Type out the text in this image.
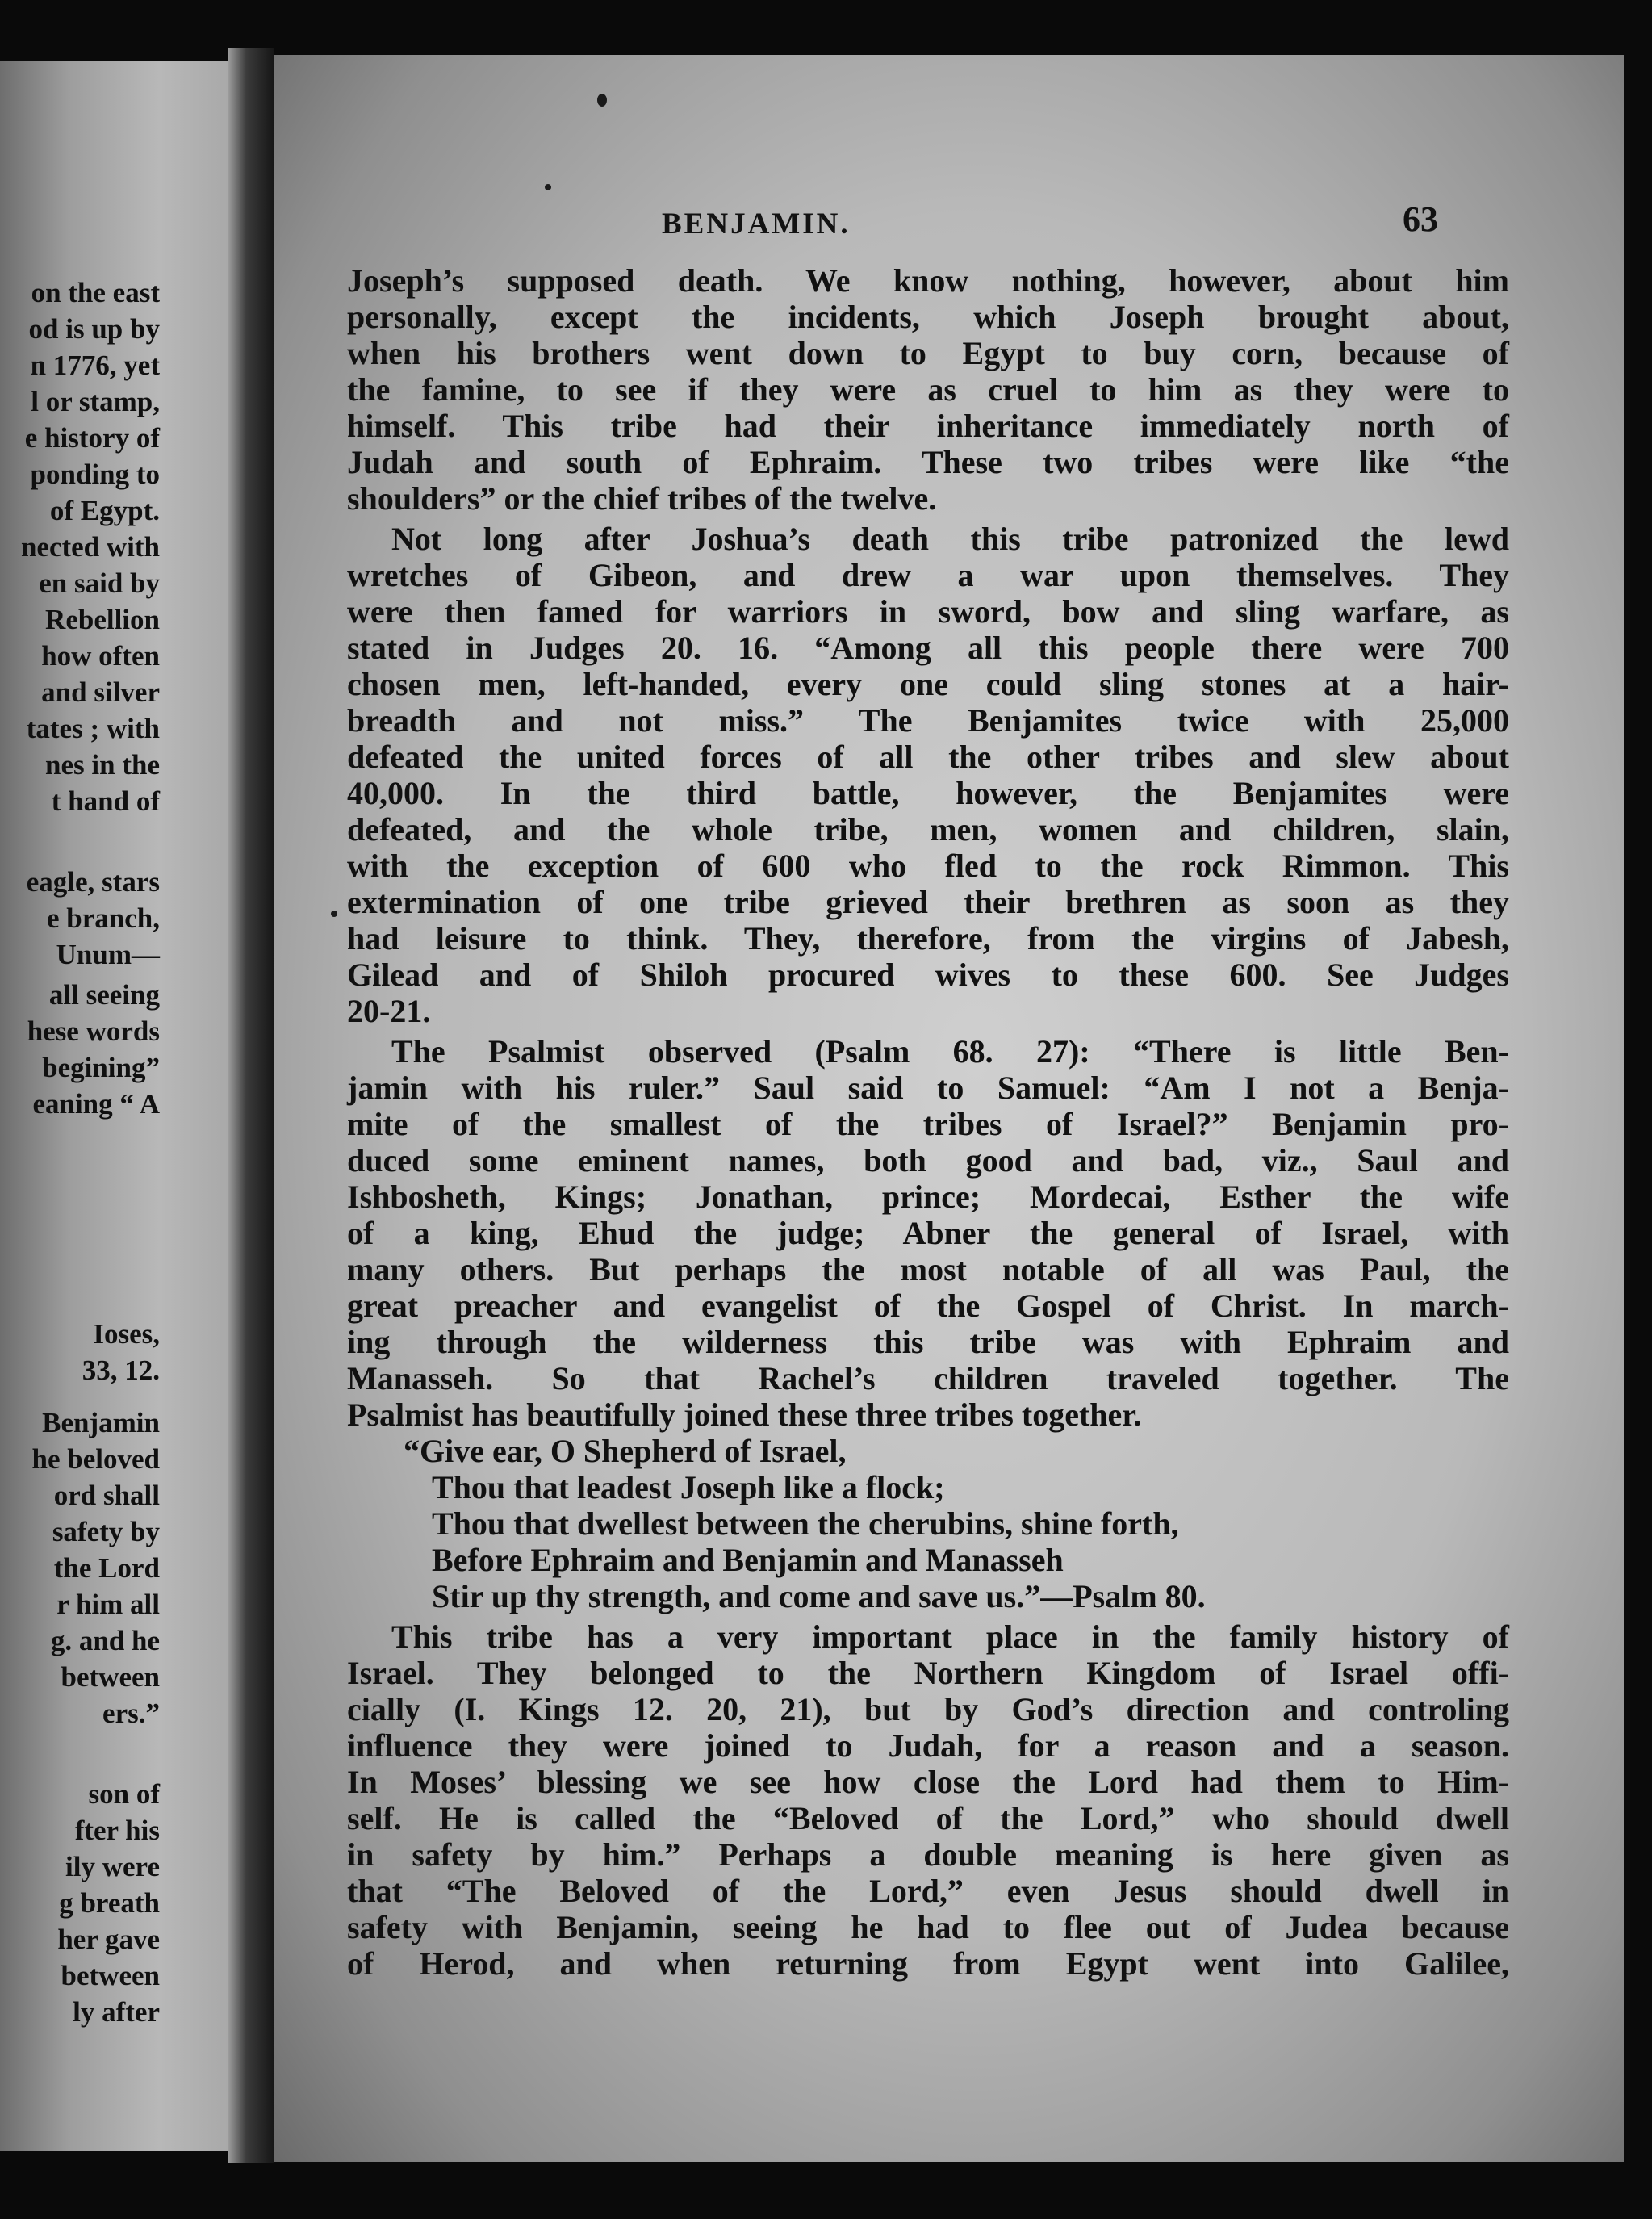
on the east
od is up by
n 1776, yet
l or stamp,
e history of
ponding to
of Egypt.
nected with
en said by
Rebellion
how often
and silver
tates ; with
nes in the
t hand of
eagle, stars
e branch,
Unum—
all seeing
hese words
begining”
eaning “ A
Ioses,
33, 12.
Benjamin
he beloved
ord shall
safety by
the Lord
r him all
g. and he
between
ers.”
son of
fter his
ily were
g breath
her gave
between
ly after
BENJAMIN.	63
Joseph’s supposed death. We know nothing, however, about him
personally, except the incidents, which Joseph brought about,
when his brothers went down to Egypt to buy corn, because of
the famine, to see if they were as cruel to him as they were to
himself. This tribe had their inheritance immediately north of
Judah and south of Ephraim. These two tribes were like “the
shoulders” or the chief tribes of the twelve.
Not long after Joshua’s death this tribe patronized the lewd
wretches of Gibeon, and drew a war upon themselves. They
were then famed for warriors in sword, bow and sling warfare, as
stated in Judges 20. 16. “Among all this people there were 700
chosen men, left-handed, every one could sling stones at a hair-
breadth and not miss.” The Benjamites twice with 25,000
defeated the united forces of all the other tribes and slew about
40,000. In the third battle, however, the Benjamites were
defeated, and the whole tribe, men, women and children, slain,
with the exception of 600 who fled to the rock Rimmon. This
extermination of one tribe grieved their brethren as soon as they
had leisure to think. They, therefore, from the virgins of Jabesh,
Gilead and of Shiloh procured wives to these 600. See Judges
20-21.
The Psalmist observed (Psalm 68. 27): “There is little Ben-
jamin with his ruler.” Saul said to Samuel: “Am I not a Benja-
mite of the smallest of the tribes of Israel?” Benjamin pro-
duced some eminent names, both good and bad, viz., Saul and
Ishbosheth, Kings; Jonathan, prince; Mordecai, Esther the wife
of a king, Ehud the judge; Abner the general of Israel, with
many others. But perhaps the most notable of all was Paul, the
great preacher and evangelist of the Gospel of Christ. In march-
ing through the wilderness this tribe was with Ephraim and
Manasseh. So that Rachel’s children traveled together. The
Psalmist has beautifully joined these three tribes together.
“Give ear, O Shepherd of Israel,
Thou that leadest Joseph like a flock;
Thou that dwellest between the cherubins, shine forth,
Before Ephraim and Benjamin and Manasseh
Stir up thy strength, and come and save us.”—Psalm 80.
This tribe has a very important place in the family history of
Israel. They belonged to the Northern Kingdom of Israel offi-
cially (I. Kings 12. 20, 21), but by God’s direction and controling
influence they were joined to Judah, for a reason and a season.
In Moses’ blessing we see how close the Lord had them to Him-
self. He is called the “Beloved of the Lord,” who should dwell
in safety by him.” Perhaps a double meaning is here given as
that “The Beloved of the Lord,” even Jesus should dwell in
safety with Benjamin, seeing he had to flee out of Judea because
of Herod, and when returning from Egypt went into Galilee,
